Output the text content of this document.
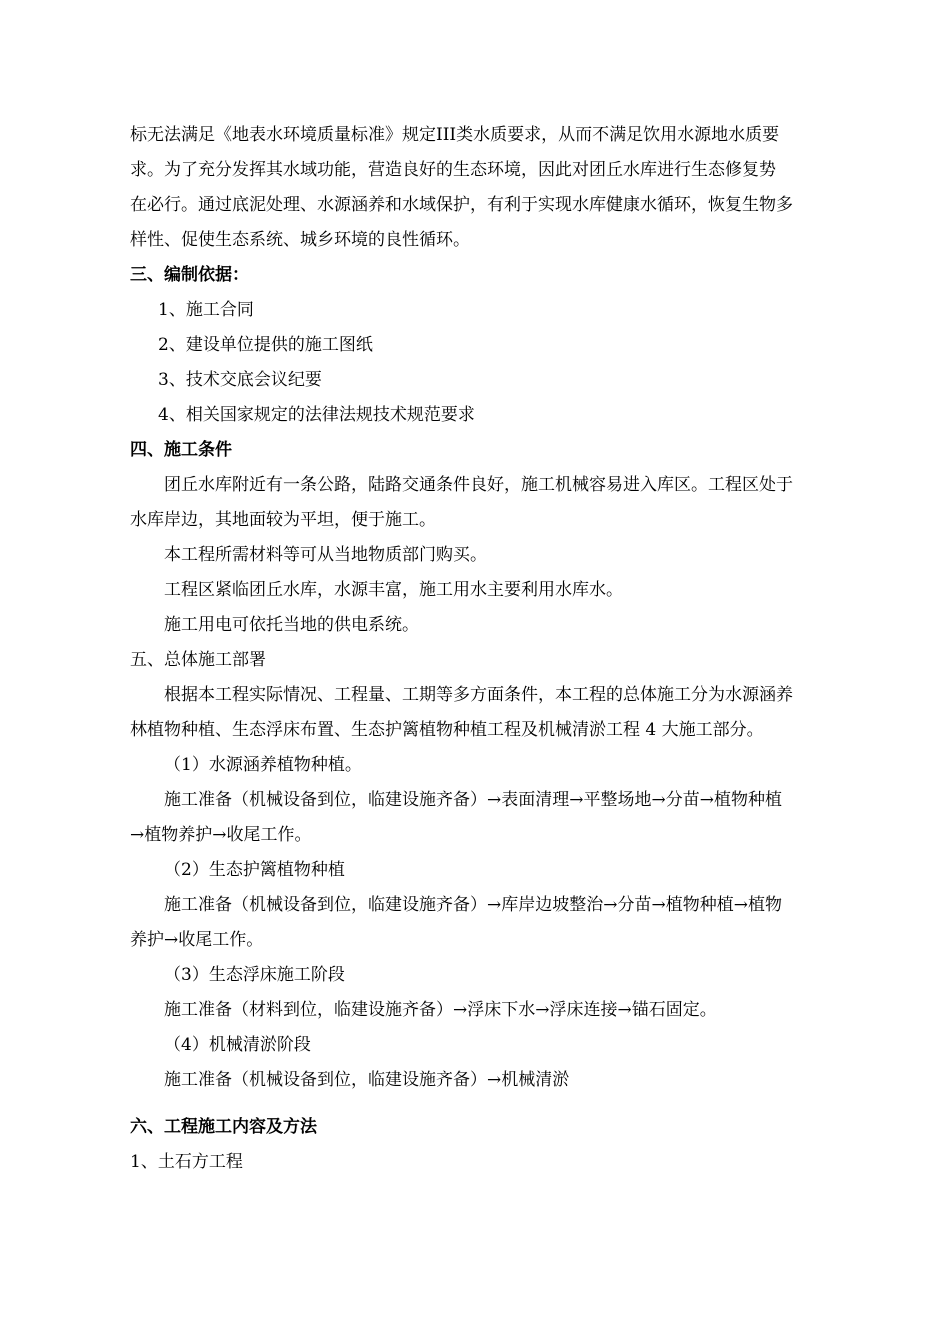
标无法满足《地表水环境质量标准》规定III类水质要求，从而不满足饮用水源地水质要

求。为了充分发挥其水域功能，营造良好的生态环境，因此对团丘水库进行生态修复势

在必行。通过底泥处理、水源涵养和水域保护，有利于实现水库健康水循环，恢复生物多

样性、促使生态系统、城乡环境的良性循环。

三、编制依据：

1、施工合同

2、建设单位提供的施工图纸

3、技术交底会议纪要

4、相关国家规定的法律法规技术规范要求

四、施工条件

团丘水库附近有一条公路，陆路交通条件良好，施工机械容易进入库区。工程区处于

水库岸边，其地面较为平坦，便于施工。

本工程所需材料等可从当地物质部门购买。

工程区紧临团丘水库，水源丰富，施工用水主要利用水库水。

施工用电可依托当地的供电系统。

五、总体施工部署

根据本工程实际情况、工程量、工期等多方面条件，本工程的总体施工分为水源涵养

林植物种植、生态浮床布置、生态护篱植物种植工程及机械清淤工程 4 大施工部分。

（1）水源涵养植物种植。

施工准备（机械设备到位，临建设施齐备）→表面清理→平整场地→分苗→植物种植

→植物养护→收尾工作。

（2）生态护篱植物种植

施工准备（机械设备到位，临建设施齐备）→库岸边坡整治→分苗→植物种植→植物

养护→收尾工作。

（3）生态浮床施工阶段

施工准备（材料到位，临建设施齐备）→浮床下水→浮床连接→锚石固定。

（4）机械清淤阶段

施工准备（机械设备到位，临建设施齐备）→机械清淤

六、工程施工内容及方法

1、土石方工程
